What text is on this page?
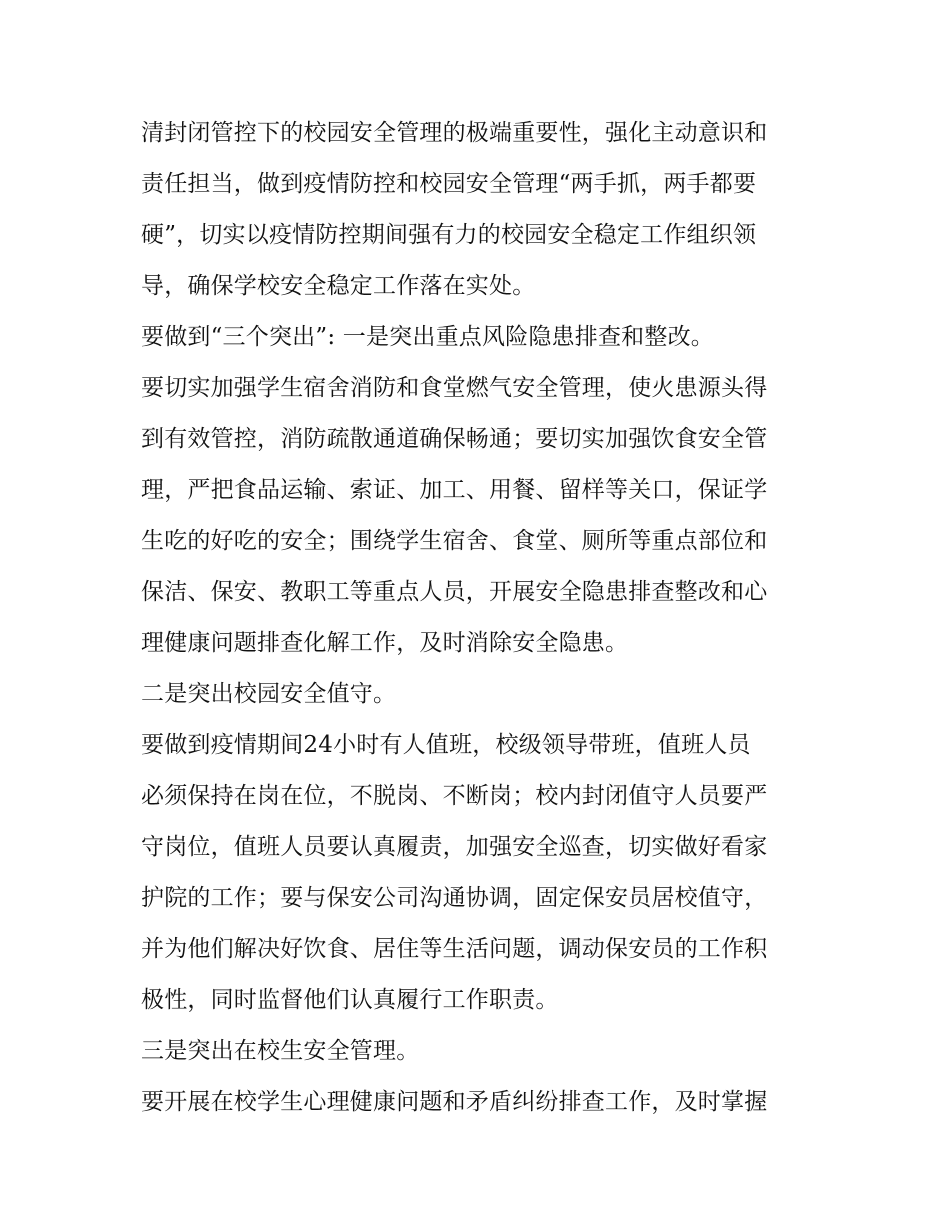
清封闭管控下的校园安全管理的极端重要性，强化主动意识和
责任担当，做到疫情防控和校园安全管理“两手抓，两手都要
硬”，切实以疫情防控期间强有力的校园安全稳定工作组织领
导，确保学校安全稳定工作落在实处。
要做到“三个突出”: 一是突出重点风险隐患排查和整改。
要切实加强学生宿舍消防和食堂燃气安全管理，使火患源头得
到有效管控，消防疏散通道确保畅通；要切实加强饮食安全管
理，严把食品运输、索证、加工、用餐、留样等关口，保证学
生吃的好吃的安全；围绕学生宿舍、食堂、厕所等重点部位和
保洁、保安、教职工等重点人员，开展安全隐患排查整改和心
理健康问题排查化解工作，及时消除安全隐患。
二是突出校园安全值守。
要做到疫情期间24小时有人值班，校级领导带班，值班人员
必须保持在岗在位，不脱岗、不断岗；校内封闭值守人员要严
守岗位，值班人员要认真履责，加强安全巡查，切实做好看家
护院的工作；要与保安公司沟通协调，固定保安员居校值守，
并为他们解决好饮食、居住等生活问题，调动保安员的工作积
极性，同时监督他们认真履行工作职责。
三是突出在校生安全管理。
要开展在校学生心理健康问题和矛盾纠纷排查工作，及时掌握
